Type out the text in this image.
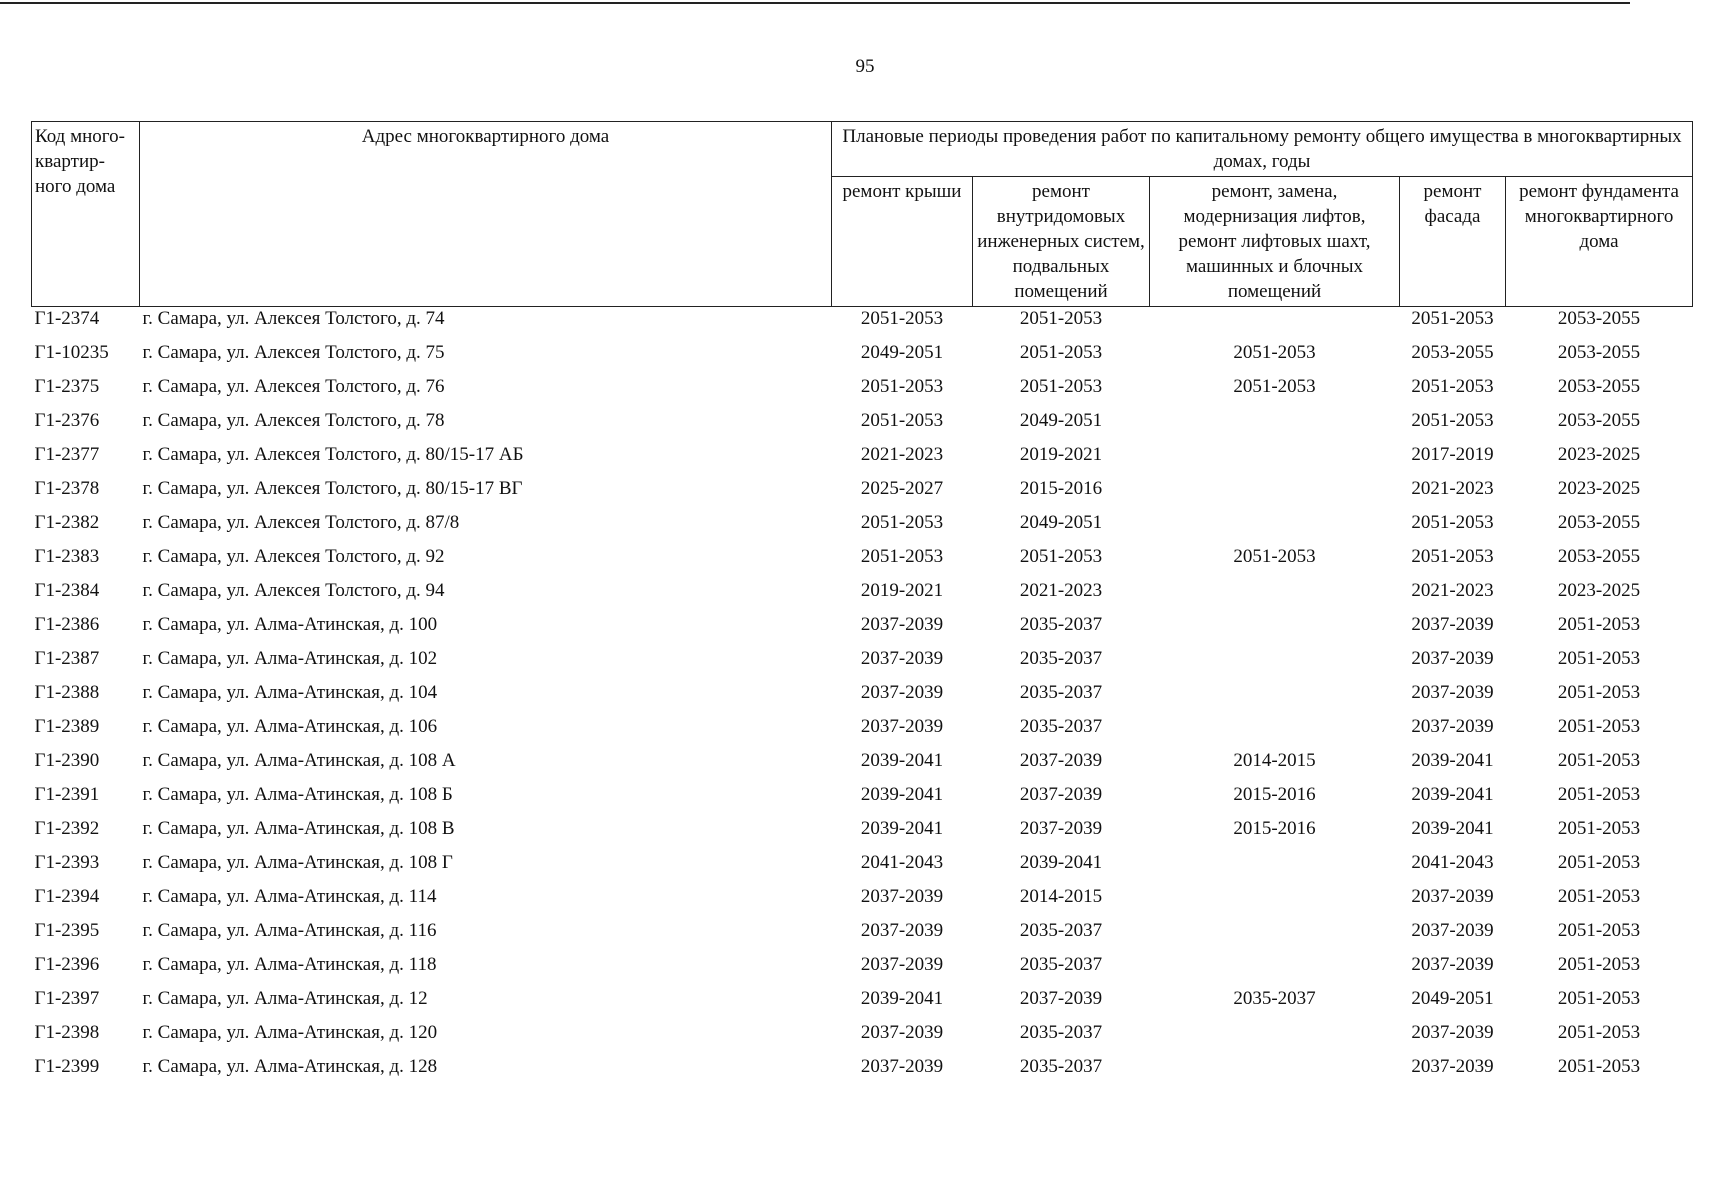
95
Код много-квартир-ного дома	Адрес многоквартирного дома	Плановые периоды проведения работ по капитальному ремонту общего имущества в многоквартирных домах, годы				
		ремонт крыши	ремонт внутридомовых инженерных систем, подвальных помещений	ремонт, замена, модернизация лифтов, ремонт лифтовых шахт, машинных и блочных помещений	ремонт фасада	ремонт фундамента многоквартирного дома
Г1-2374	г. Самара, ул. Алексея Толстого, д. 74	2051-2053	2051-2053		2051-2053	2053-2055
Г1-10235	г. Самара, ул. Алексея Толстого, д. 75	2049-2051	2051-2053	2051-2053	2053-2055	2053-2055
Г1-2375	г. Самара, ул. Алексея Толстого, д. 76	2051-2053	2051-2053	2051-2053	2051-2053	2053-2055
Г1-2376	г. Самара, ул. Алексея Толстого, д. 78	2051-2053	2049-2051		2051-2053	2053-2055
Г1-2377	г. Самара, ул. Алексея Толстого, д. 80/15-17 АБ	2021-2023	2019-2021		2017-2019	2023-2025
Г1-2378	г. Самара, ул. Алексея Толстого, д. 80/15-17 ВГ	2025-2027	2015-2016		2021-2023	2023-2025
Г1-2382	г. Самара, ул. Алексея Толстого, д. 87/8	2051-2053	2049-2051		2051-2053	2053-2055
Г1-2383	г. Самара, ул. Алексея Толстого, д. 92	2051-2053	2051-2053	2051-2053	2051-2053	2053-2055
Г1-2384	г. Самара, ул. Алексея Толстого, д. 94	2019-2021	2021-2023		2021-2023	2023-2025
Г1-2386	г. Самара, ул. Алма-Атинская, д. 100	2037-2039	2035-2037		2037-2039	2051-2053
Г1-2387	г. Самара, ул. Алма-Атинская, д. 102	2037-2039	2035-2037		2037-2039	2051-2053
Г1-2388	г. Самара, ул. Алма-Атинская, д. 104	2037-2039	2035-2037		2037-2039	2051-2053
Г1-2389	г. Самара, ул. Алма-Атинская, д. 106	2037-2039	2035-2037		2037-2039	2051-2053
Г1-2390	г. Самара, ул. Алма-Атинская, д. 108 А	2039-2041	2037-2039	2014-2015	2039-2041	2051-2053
Г1-2391	г. Самара, ул. Алма-Атинская, д. 108 Б	2039-2041	2037-2039	2015-2016	2039-2041	2051-2053
Г1-2392	г. Самара, ул. Алма-Атинская, д. 108 В	2039-2041	2037-2039	2015-2016	2039-2041	2051-2053
Г1-2393	г. Самара, ул. Алма-Атинская, д. 108 Г	2041-2043	2039-2041		2041-2043	2051-2053
Г1-2394	г. Самара, ул. Алма-Атинская, д. 114	2037-2039	2014-2015		2037-2039	2051-2053
Г1-2395	г. Самара, ул. Алма-Атинская, д. 116	2037-2039	2035-2037		2037-2039	2051-2053
Г1-2396	г. Самара, ул. Алма-Атинская, д. 118	2037-2039	2035-2037		2037-2039	2051-2053
Г1-2397	г. Самара, ул. Алма-Атинская, д. 12	2039-2041	2037-2039	2035-2037	2049-2051	2051-2053
Г1-2398	г. Самара, ул. Алма-Атинская, д. 120	2037-2039	2035-2037		2037-2039	2051-2053
Г1-2399	г. Самара, ул. Алма-Атинская, д. 128	2037-2039	2035-2037		2037-2039	2051-2053
